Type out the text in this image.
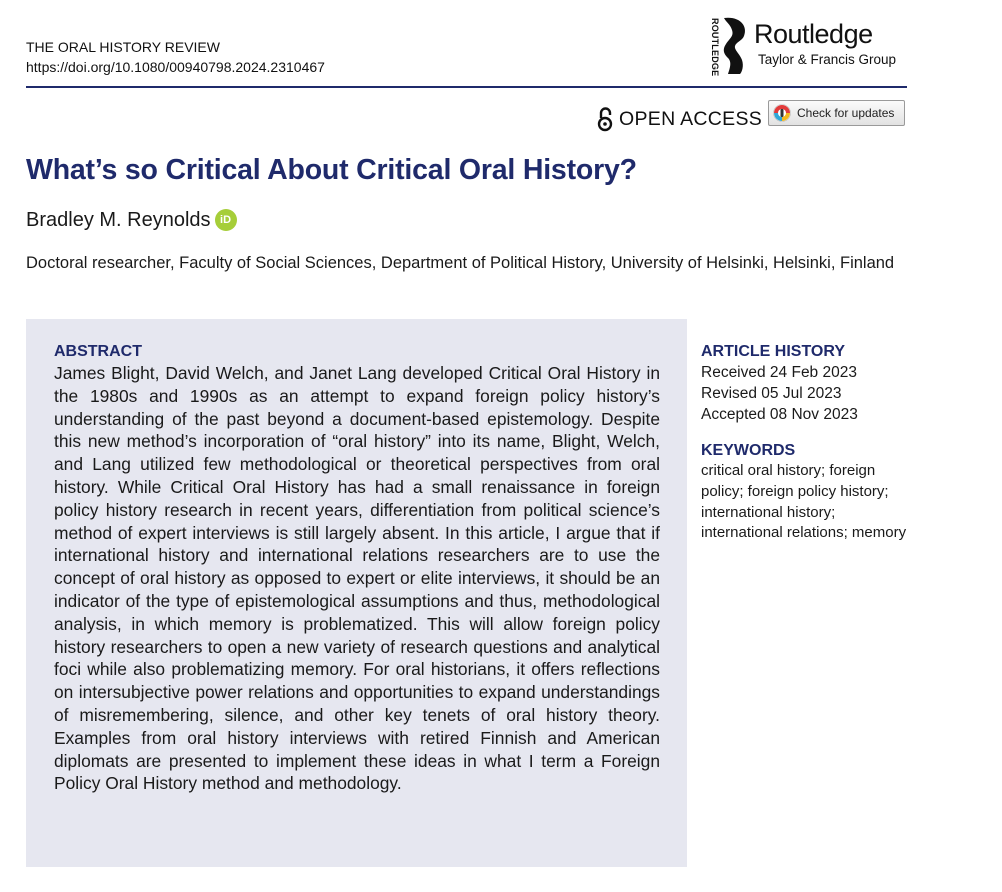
THE ORAL HISTORY REVIEW
https://doi.org/10.1080/00940798.2024.2310467	ROUTLEDGE Routledge
Taylor & Francis Group
OPEN ACCESS	Check for updates
What’s so Critical About Critical Oral History?
Bradley M. Reynolds iD
Doctoral researcher, Faculty of Social Sciences, Department of Political History, University of Helsinki, Helsinki, Finland
ABSTRACT

James Blight, David Welch, and Janet Lang developed Critical Oral History in the 1980s and 1990s as an attempt to expand foreign policy history’s understanding of the past beyond a document-based epistemology. Despite this new method’s incorporation of “oral history” into its name, Blight, Welch, and Lang utilized few methodological or theoretical perspectives from oral history. While Critical Oral History has had a small renaissance in foreign policy history research in recent years, differentiation from political science’s method of expert interviews is still largely absent. In this article, I argue that if international history and international relations researchers are to use the concept of oral history as opposed to expert or elite interviews, it should be an indicator of the type of epistemological assumptions and thus, methodological analysis, in which memory is problematized. This will allow foreign policy history researchers to open a new variety of research questions and analytical foci while also problematizing memory. For oral historians, it offers reflections on intersubjective power relations and opportunities to expand understandings of misremembering, silence, and other key tenets of oral history theory. Examples from oral history interviews with retired Finnish and American diplomats are presented to implement these ideas in what I term a Foreign Policy Oral History method and methodology.

ARTICLE HISTORY
Received 24 Feb 2023
Revised 05 Jul 2023
Accepted 08 Nov 2023
KEYWORDS

critical oral history; foreign policy; foreign policy history; international history; international relations; memory
